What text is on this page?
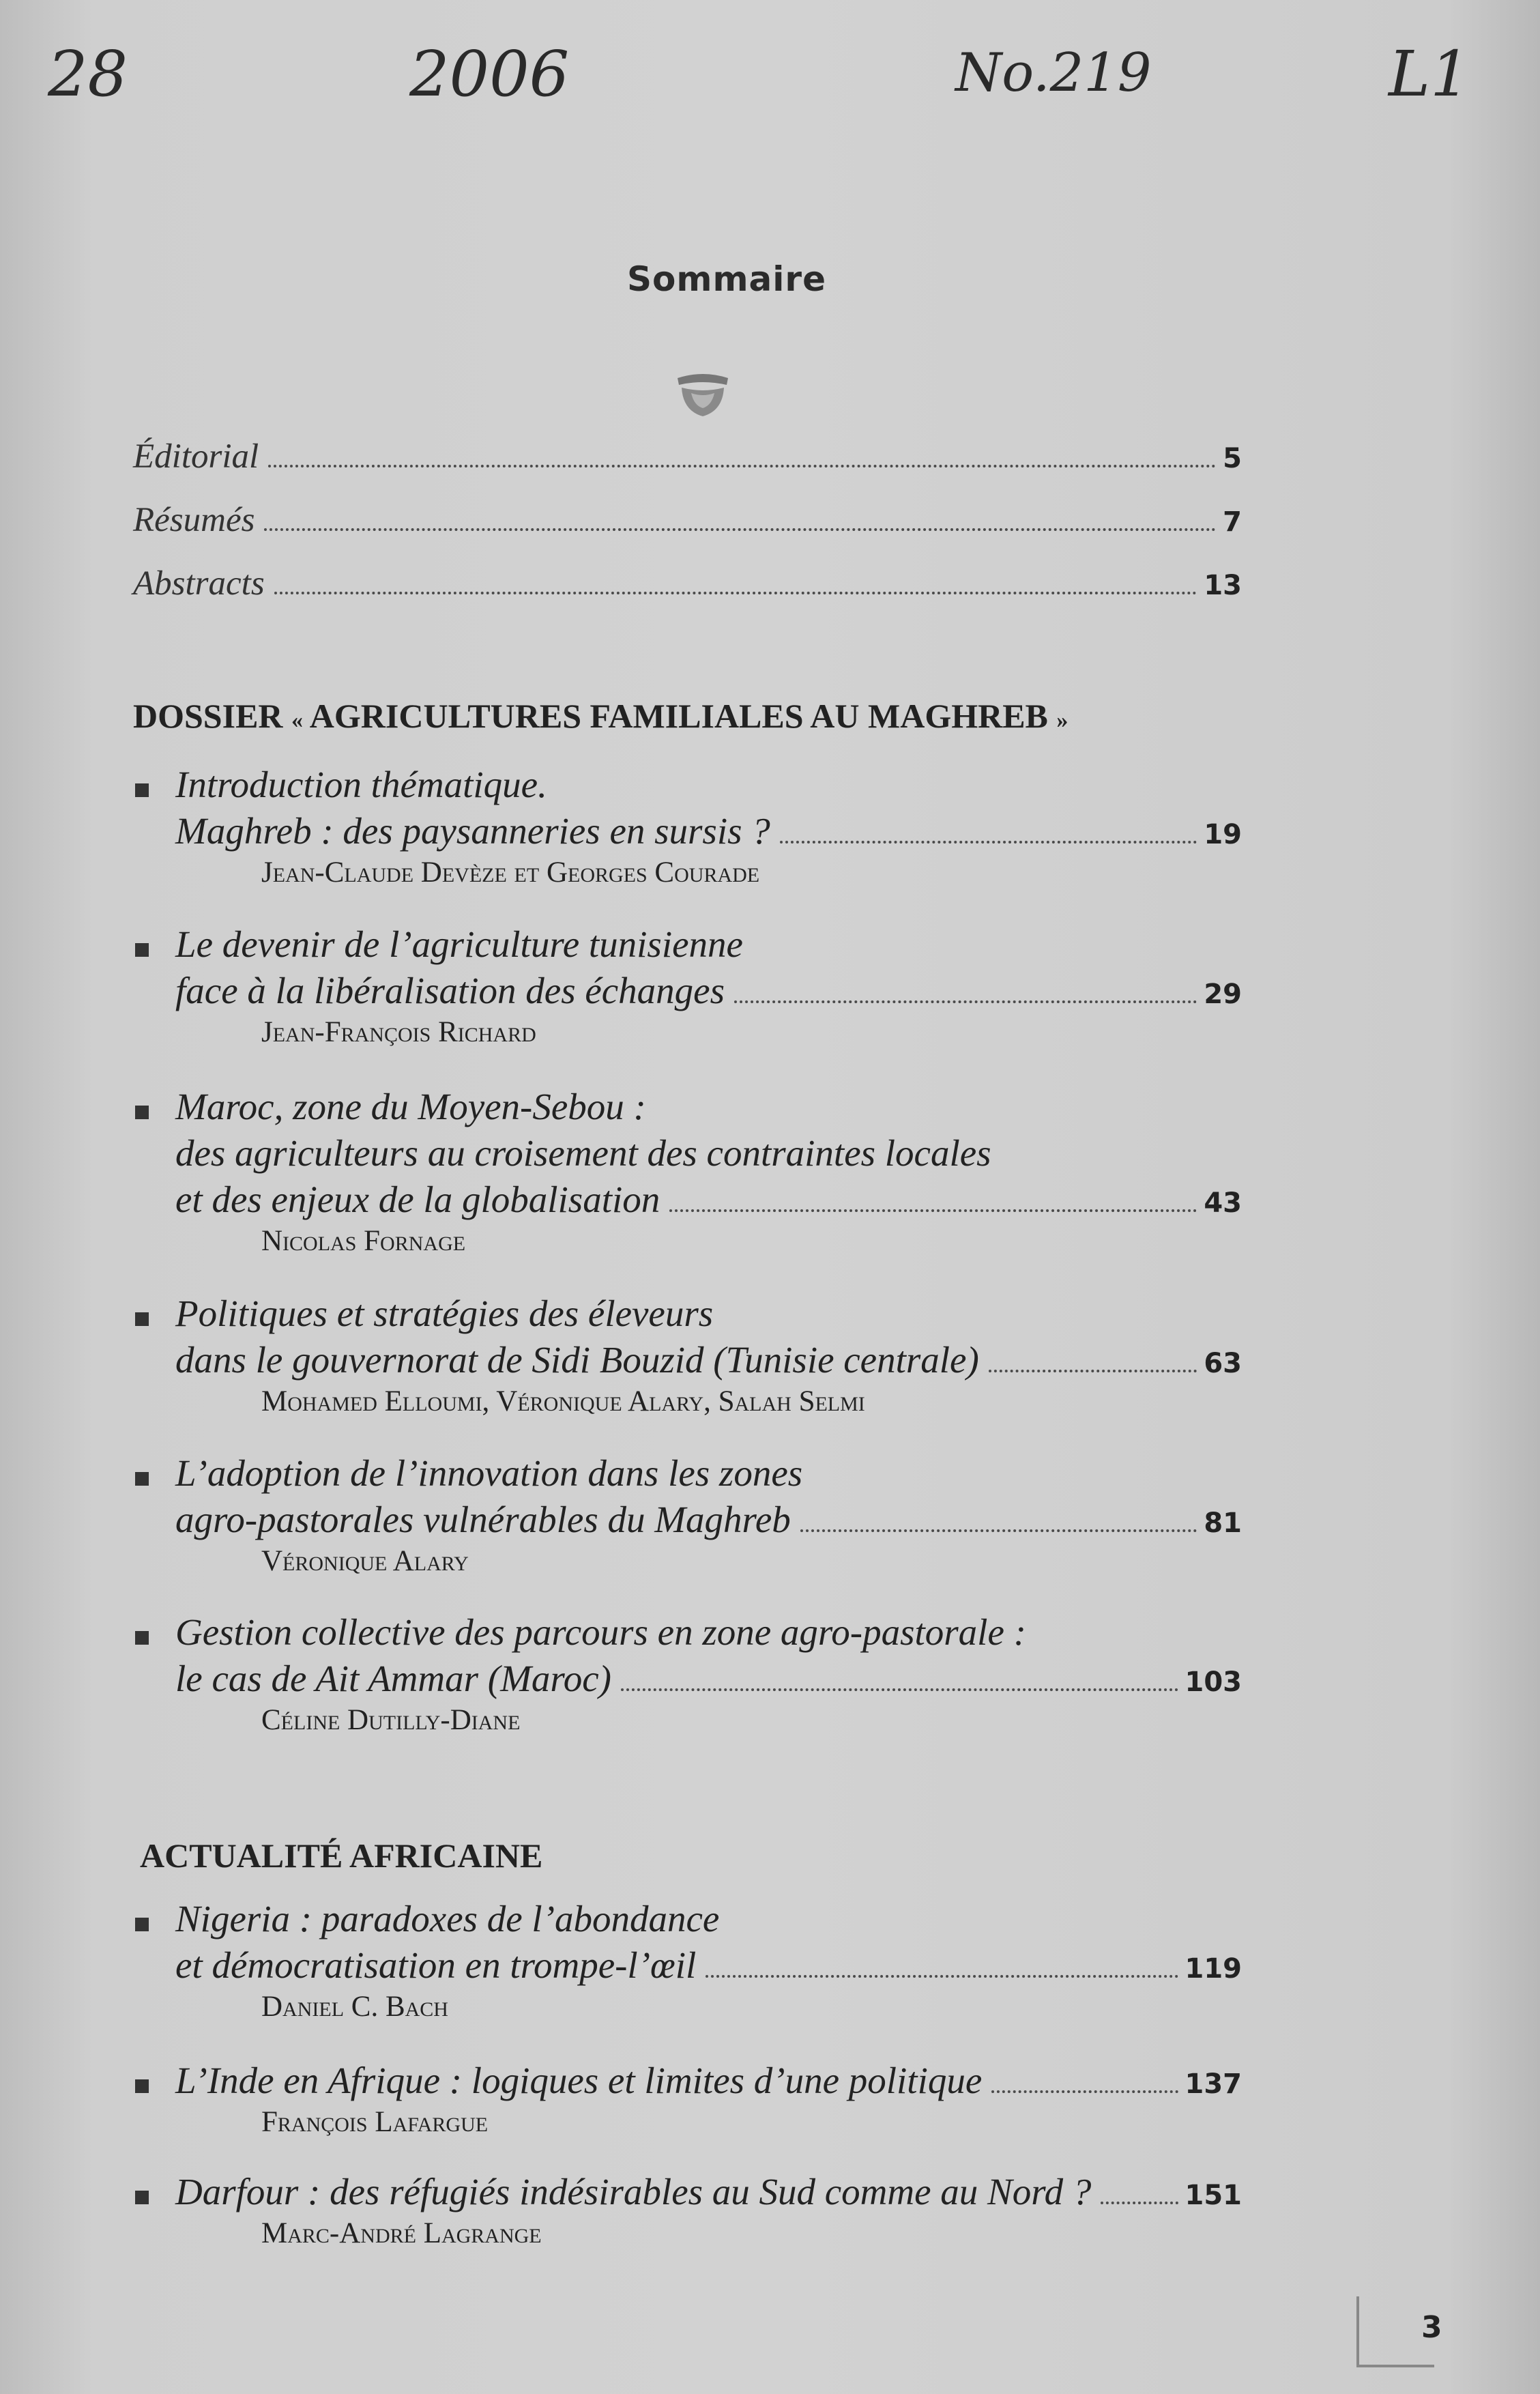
28	2006	No.219	L1
Sommaire
Éditorial	5
Résumés	7
Abstracts	13
DOSSIER « AGRICULTURES FAMILIALES AU MAGHREB »
Introduction thématique.
Maghreb : des paysanneries en sursis ?	19
Jean-Claude Devèze et Georges Courade
Le devenir de l’agriculture tunisienne
face à la libéralisation des échanges	29
Jean-François Richard
Maroc, zone du Moyen-Sebou :
des agriculteurs au croisement des contraintes locales
et des enjeux de la globalisation	43
Nicolas Fornage
Politiques et stratégies des éleveurs
dans le gouvernorat de Sidi Bouzid (Tunisie centrale)	63
Mohamed Elloumi, Véronique Alary, Salah Selmi
L’adoption de l’innovation dans les zones
agro-pastorales vulnérables du Maghreb	81
Véronique Alary
Gestion collective des parcours en zone agro-pastorale :
le cas de Ait Ammar (Maroc)	103
Céline Dutilly-Diane
ACTUALITÉ AFRICAINE
Nigeria : paradoxes de l’abondance
et démocratisation en trompe-l’œil	119
Daniel C. Bach
L’Inde en Afrique : logiques et limites d’une politique	137
François Lafargue
Darfour : des réfugiés indésirables au Sud comme au Nord ?	151
Marc-André Lagrange
3
